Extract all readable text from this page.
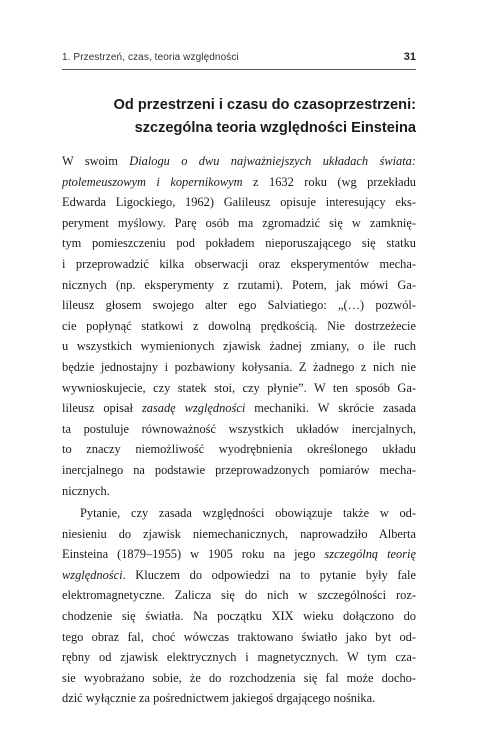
1. Przestrzeń, czas, teoria względności	31
Od przestrzeni i czasu do czasoprzestrzeni:
szczególna teoria względności Einsteina
W swoim Dialogu o dwu najważniejszych układach świata:
ptolemeuszowym i kopernikowym z 1632 roku (wg przekładu
Edwarda Ligockiego, 1962) Galileusz opisuje interesujący eks-
peryment myślowy. Parę osób ma zgromadzić się w zamknię-
tym pomieszczeniu pod pokładem nieporuszającego się statku
i przeprowadzić kilka obserwacji oraz eksperymentów mecha-
nicznych (np. eksperymenty z rzutami). Potem, jak mówi Ga-
lileusz głosem swojego alter ego Salviatiego: „(…) pozwól-
cie popłynąć statkowi z dowolną prędkością. Nie dostrzeżecie
u wszystkich wymienionych zjawisk żadnej zmiany, o ile ruch
będzie jednostajny i pozbawiony kołysania. Z żadnego z nich nie
wywnioskujecie, czy statek stoi, czy płynie”. W ten sposób Ga-
lileusz opisał zasadę względności mechaniki. W skrócie zasada
ta postuluje równoważność wszystkich układów inercjalnych,
to znaczy niemożliwość wyodrębnienia określonego układu
inercjalnego na podstawie przeprowadzonych pomiarów mecha-
nicznych.
Pytanie, czy zasada względności obowiązuje także w od-
niesieniu do zjawisk niemechanicznych, naprowadziło Alberta
Einsteina (1879–1955) w 1905 roku na jego szczególną teorię
względności. Kluczem do odpowiedzi na to pytanie były fale
elektromagnetyczne. Zalicza się do nich w szczególności roz-
chodzenie się światła. Na początku XIX wieku dołączono do
tego obraz fal, choć wówczas traktowano światło jako byt od-
rębny od zjawisk elektrycznych i magnetycznych. W tym cza-
sie wyobrażano sobie, że do rozchodzenia się fal może docho-
dzić wyłącznie za pośrednictwem jakiegoś drgającego nośnika.
